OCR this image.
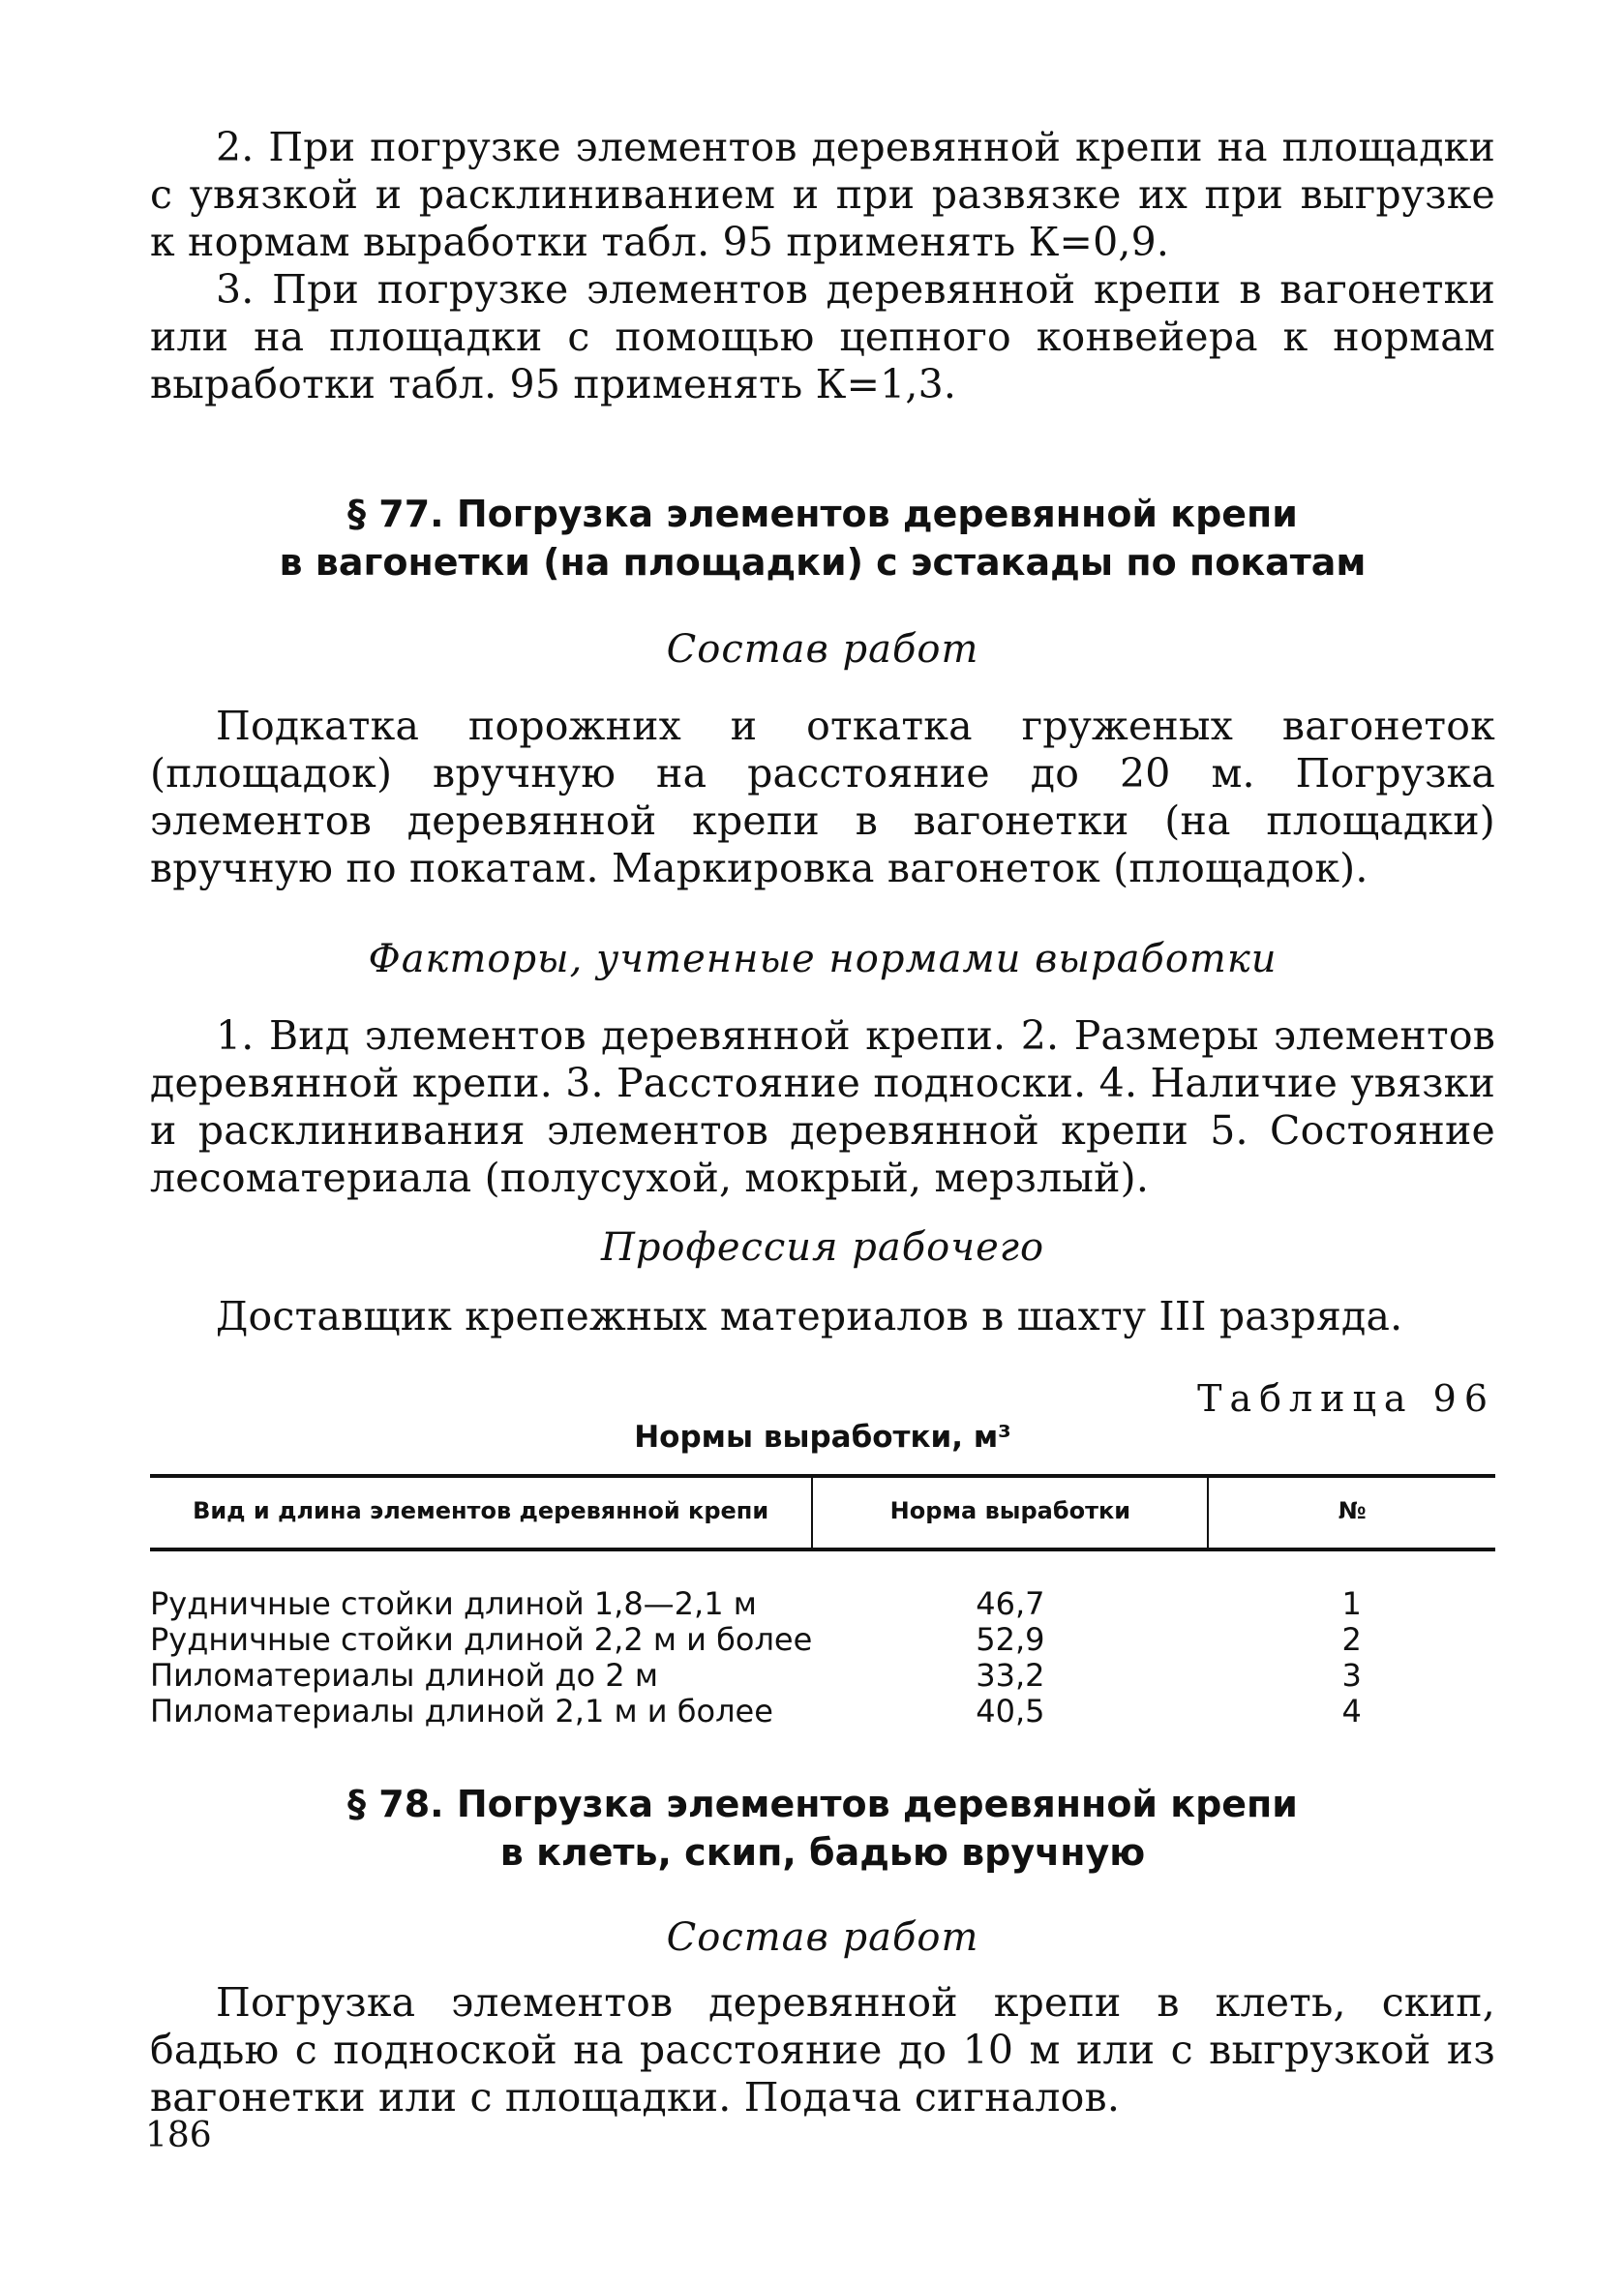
2. При погрузке элементов деревянной крепи на площадки с увязкой и расклиниванием и при развязке их при выгрузке к нормам выработки табл. 95 применять К=0,9.

3. При погрузке элементов деревянной крепи в вагонетки или на площадки с помощью цепного конвейера к нормам выработки табл. 95 применять К=1,3.

§ 77. Погрузка элементов деревянной крепи

в вагонетки (на площадки) с эстакады по покатам

Состав работ

Подкатка порожних и откатка груженых вагонеток (площадок) вручную на расстояние до 20 м. Погрузка элементов деревянной крепи в вагонетки (на площадки) вручную по покатам. Маркировка вагонеток (площадок).

Факторы, учтенные нормами выработки

1. Вид элементов деревянной крепи. 2. Размеры элементов деревянной крепи. 3. Расстояние подноски. 4. Наличие увязки и расклинивания элементов деревянной крепи 5. Состояние лесоматериала (полусухой, мокрый, мерзлый).

Профессия рабочего

Доставщик крепежных материалов в шахту III разряда.

Таблица 96

Нормы выработки, м³

Вид и длина элементов деревянной крепи	Норма выработки	№
Рудничные стойки длиной 1,8—2,1 м	46,7	1
Рудничные стойки длиной 2,2 м и более	52,9	2
Пиломатериалы длиной до 2 м	33,2	3
Пиломатериалы длиной 2,1 м и более	40,5	4

§ 78. Погрузка элементов деревянной крепи

в клеть, скип, бадью вручную

Состав работ

Погрузка элементов деревянной крепи в клеть, скип, бадью с подноской на расстояние до 10 м или с выгрузкой из вагонетки или с площадки. Подача сигналов.

186
